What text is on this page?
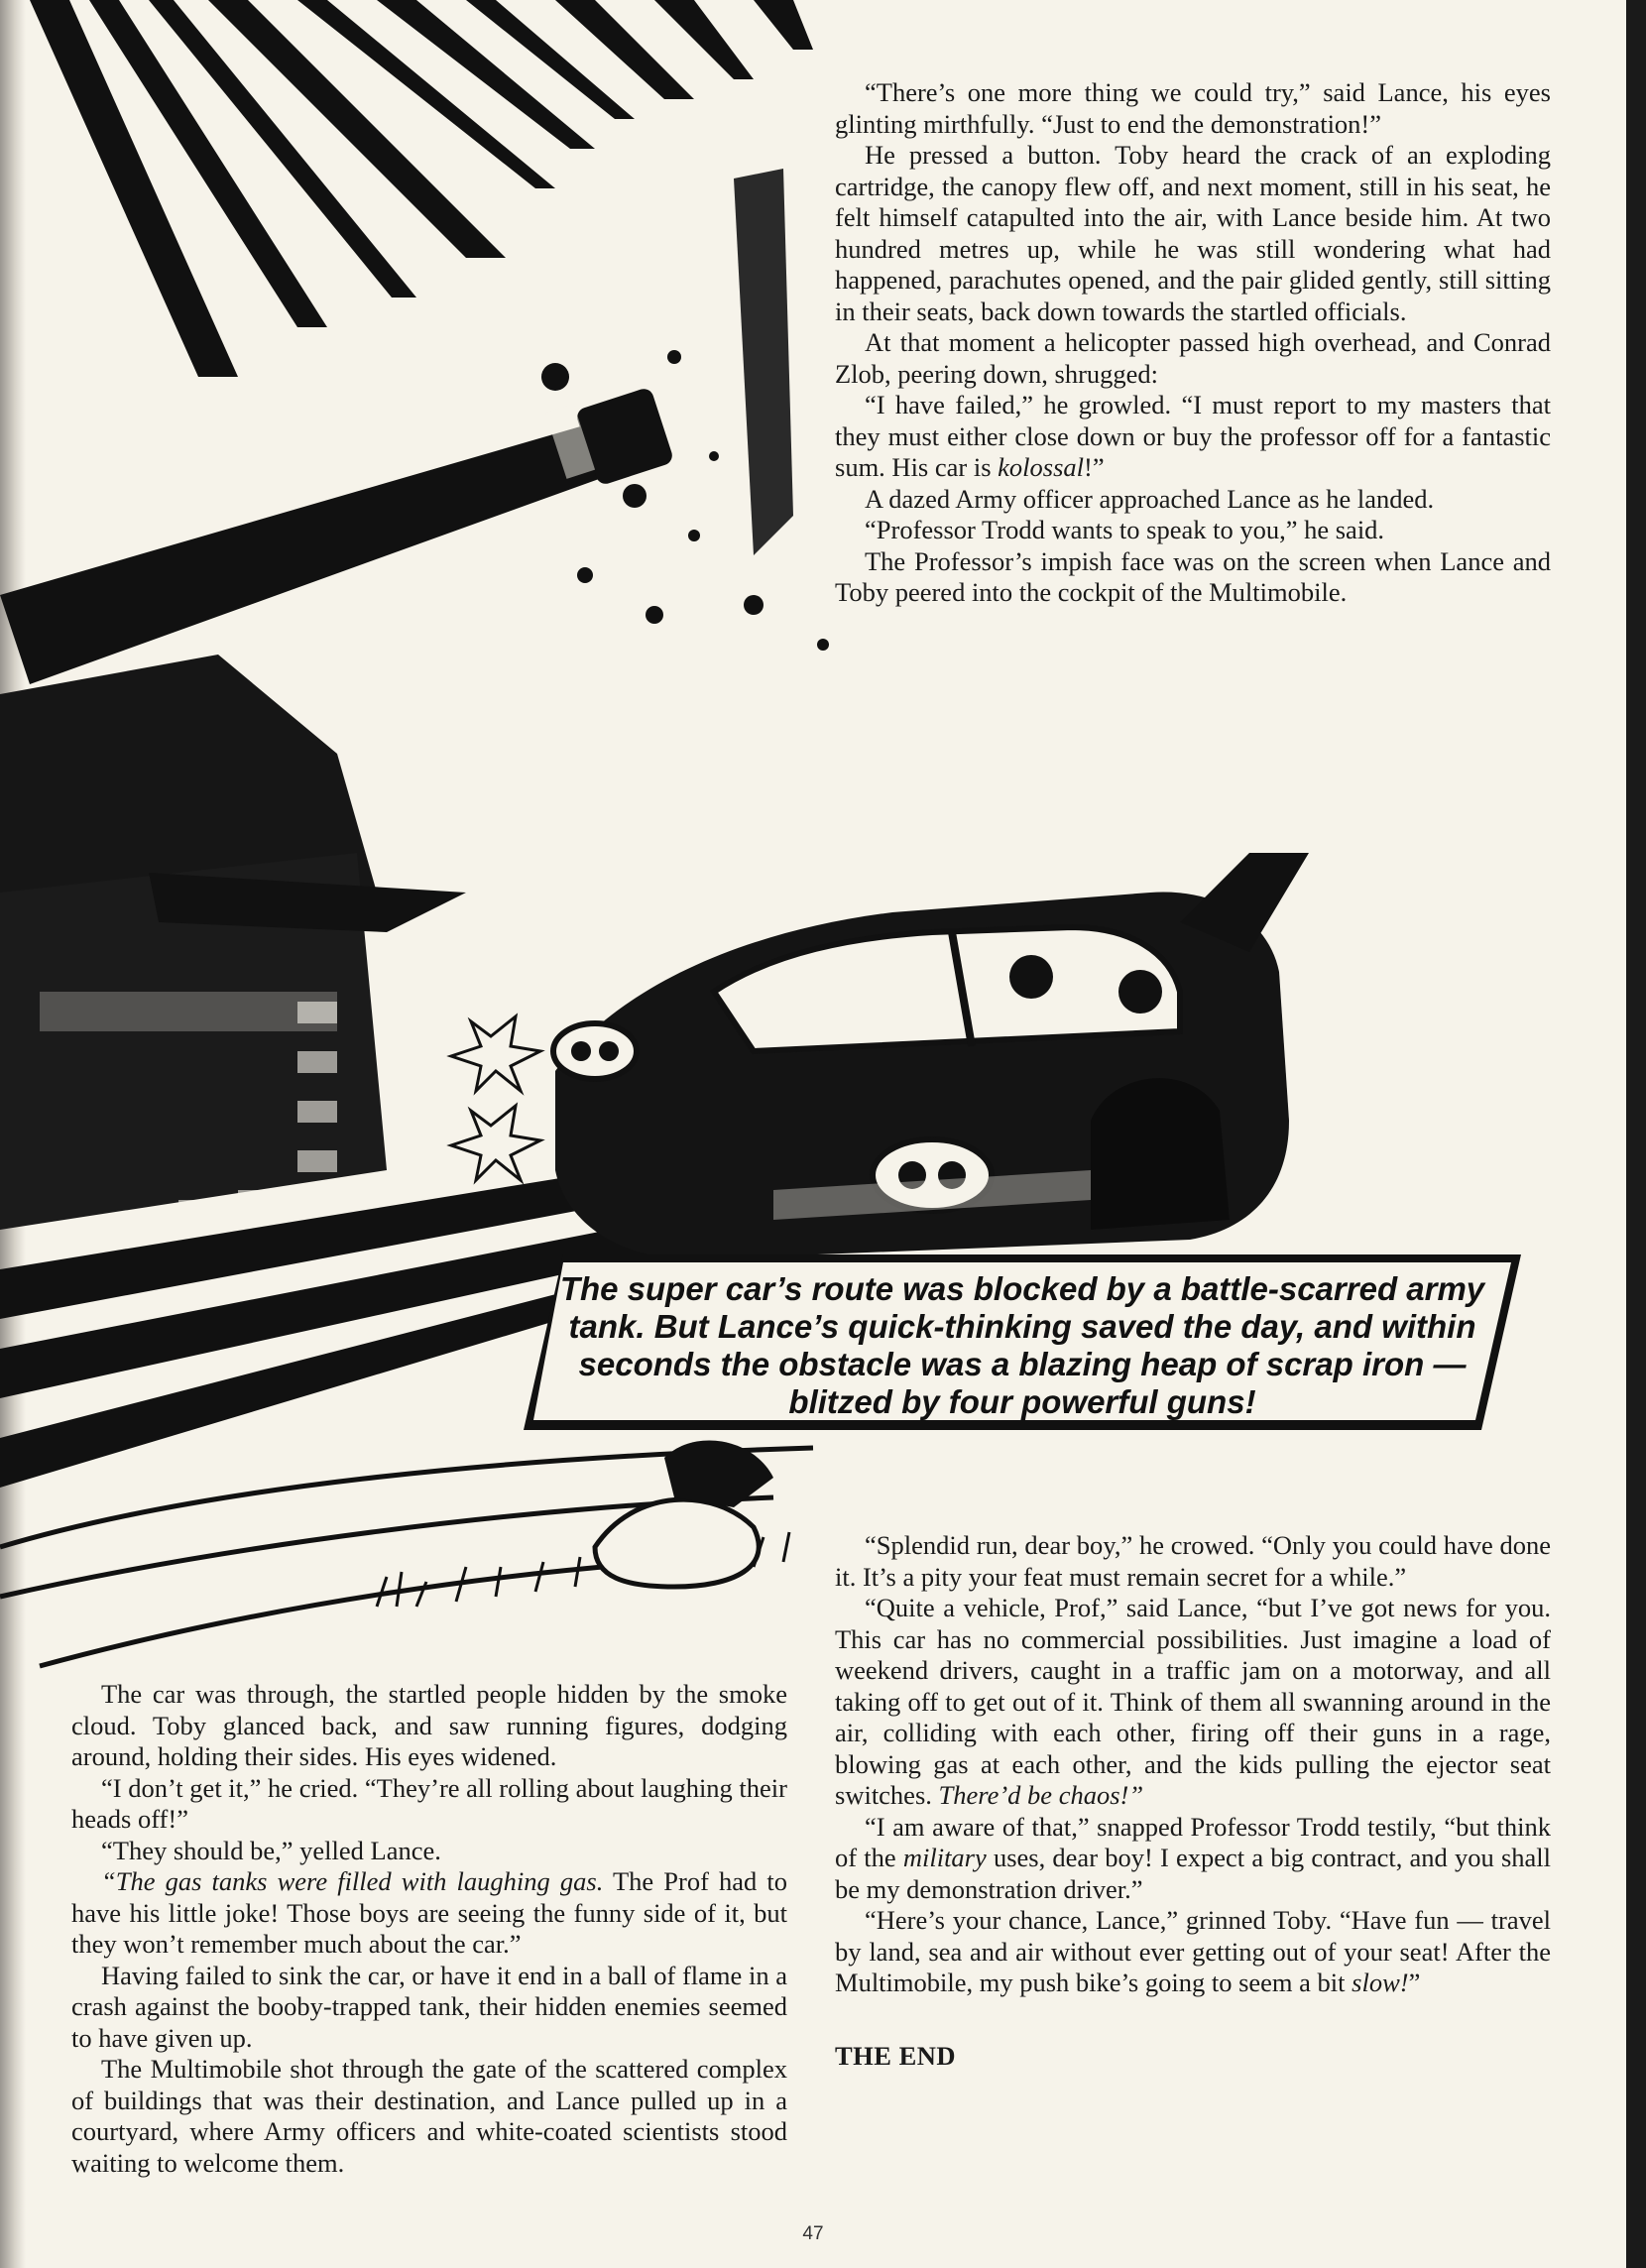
“There’s one more thing we could try,” said Lance, his eyes glinting mirthfully. “Just to end the demonstration!”

He pressed a button. Toby heard the crack of an exploding cartridge, the canopy flew off, and next moment, still in his seat, he felt himself catapulted into the air, with Lance beside him. At two hundred metres up, while he was still wondering what had happened, parachutes opened, and the pair glided gently, still sitting in their seats, back down towards the startled officials.

At that moment a helicopter passed high overhead, and Conrad Zlob, peering down, shrugged:

“I have failed,” he growled. “I must report to my masters that they must either close down or buy the professor off for a fantastic sum. His car is kolossal!”

A dazed Army officer approached Lance as he landed.

“Professor Trodd wants to speak to you,” he said.

The Professor’s impish face was on the screen when Lance and Toby peered into the cockpit of the Multimobile.

The super car’s route was blocked by a battle-scarred army tank. But Lance’s quick-thinking saved the day, and within seconds the obstacle was a blazing heap of scrap iron — blitzed by four powerful guns!

The car was through, the startled people hidden by the smoke cloud. Toby glanced back, and saw running figures, dodging around, holding their sides. His eyes widened.

“I don’t get it,” he cried. “They’re all rolling about laughing their heads off!”

“They should be,” yelled Lance.

“The gas tanks were filled with laughing gas. The Prof had to have his little joke! Those boys are seeing the funny side of it, but they won’t remember much about the car.”

Having failed to sink the car, or have it end in a ball of flame in a crash against the booby-trapped tank, their hidden enemies seemed to have given up.

The Multimobile shot through the gate of the scattered complex of buildings that was their destination, and Lance pulled up in a courtyard, where Army officers and white-coated scientists stood waiting to welcome them.

“Splendid run, dear boy,” he crowed. “Only you could have done it. It’s a pity your feat must remain secret for a while.”

“Quite a vehicle, Prof,” said Lance, “but I’ve got news for you. This car has no commercial possibilities. Just imagine a load of weekend drivers, caught in a traffic jam on a motorway, and all taking off to get out of it. Think of them all swanning around in the air, colliding with each other, firing off their guns in a rage, blowing gas at each other, and the kids pulling the ejector seat switches. There’d be chaos!”

“I am aware of that,” snapped Professor Trodd testily, “but think of the military uses, dear boy! I expect a big contract, and you shall be my demonstration driver.”

“Here’s your chance, Lance,” grinned Toby. “Have fun — travel by land, sea and air without ever getting out of your seat! After the Multimobile, my push bike’s going to seem a bit slow!”

THE END

47
